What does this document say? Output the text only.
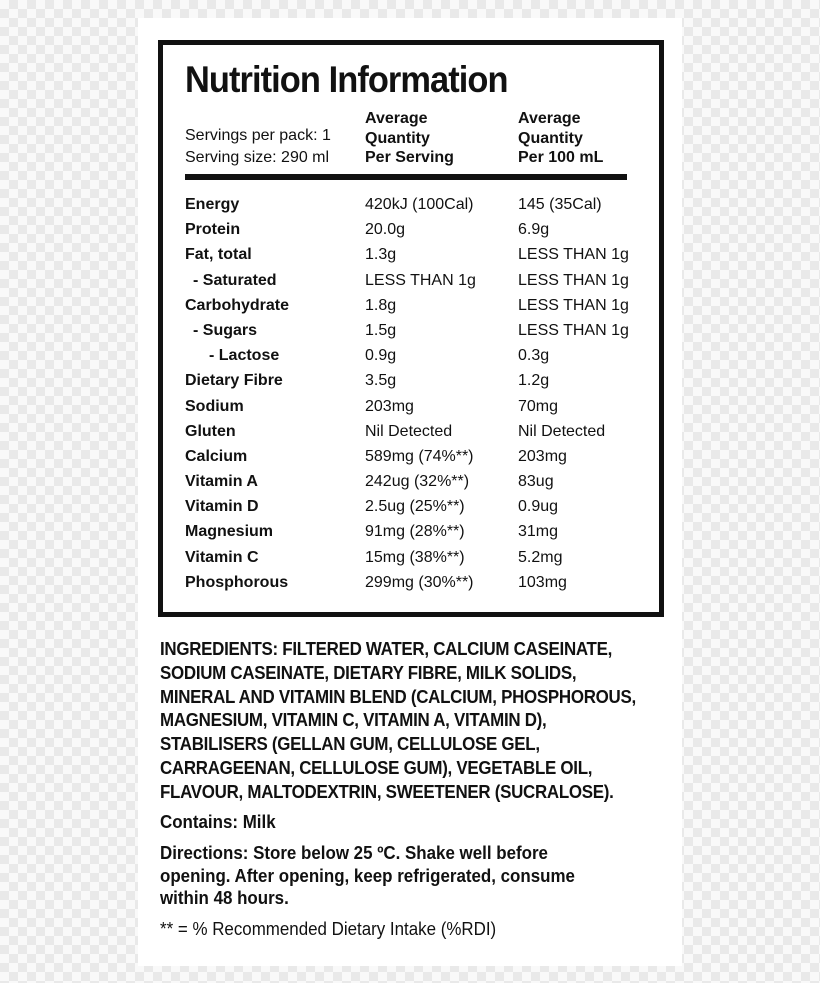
Nutrition Information
Servings per pack: 1
Serving size: 290 ml
Average
Quantity
Per Serving
Average
Quantity
Per 100 mL
Energy	420kJ (100Cal)	145 (35Cal)
Protein	20.0g	6.9g
Fat, total	1.3g	LESS THAN 1g
- Saturated	LESS THAN 1g	LESS THAN 1g
Carbohydrate	1.8g	LESS THAN 1g
- Sugars	1.5g	LESS THAN 1g
- Lactose	0.9g	0.3g
Dietary Fibre	3.5g	1.2g
Sodium	203mg	70mg
Gluten	Nil Detected	Nil Detected
Calcium	589mg (74%**)	203mg
Vitamin A	242ug (32%**)	83ug
Vitamin D	2.5ug (25%**)	0.9ug
Magnesium	91mg (28%**)	31mg
Vitamin C	15mg (38%**)	5.2mg
Phosphorous	299mg (30%**)	103mg
INGREDIENTS: FILTERED WATER, CALCIUM CASEINATE,
SODIUM CASEINATE, DIETARY FIBRE, MILK SOLIDS,
MINERAL AND VITAMIN BLEND (CALCIUM, PHOSPHOROUS,
MAGNESIUM, VITAMIN C, VITAMIN A, VITAMIN D),
STABILISERS (GELLAN GUM, CELLULOSE GEL,
CARRAGEENAN, CELLULOSE GUM), VEGETABLE OIL,
FLAVOUR, MALTODEXTRIN, SWEETENER (SUCRALOSE).
Contains: Milk
Directions: Store below 25 ºC. Shake well before
opening. After opening, keep refrigerated, consume
within 48 hours.
** = % Recommended Dietary Intake (%RDI)
